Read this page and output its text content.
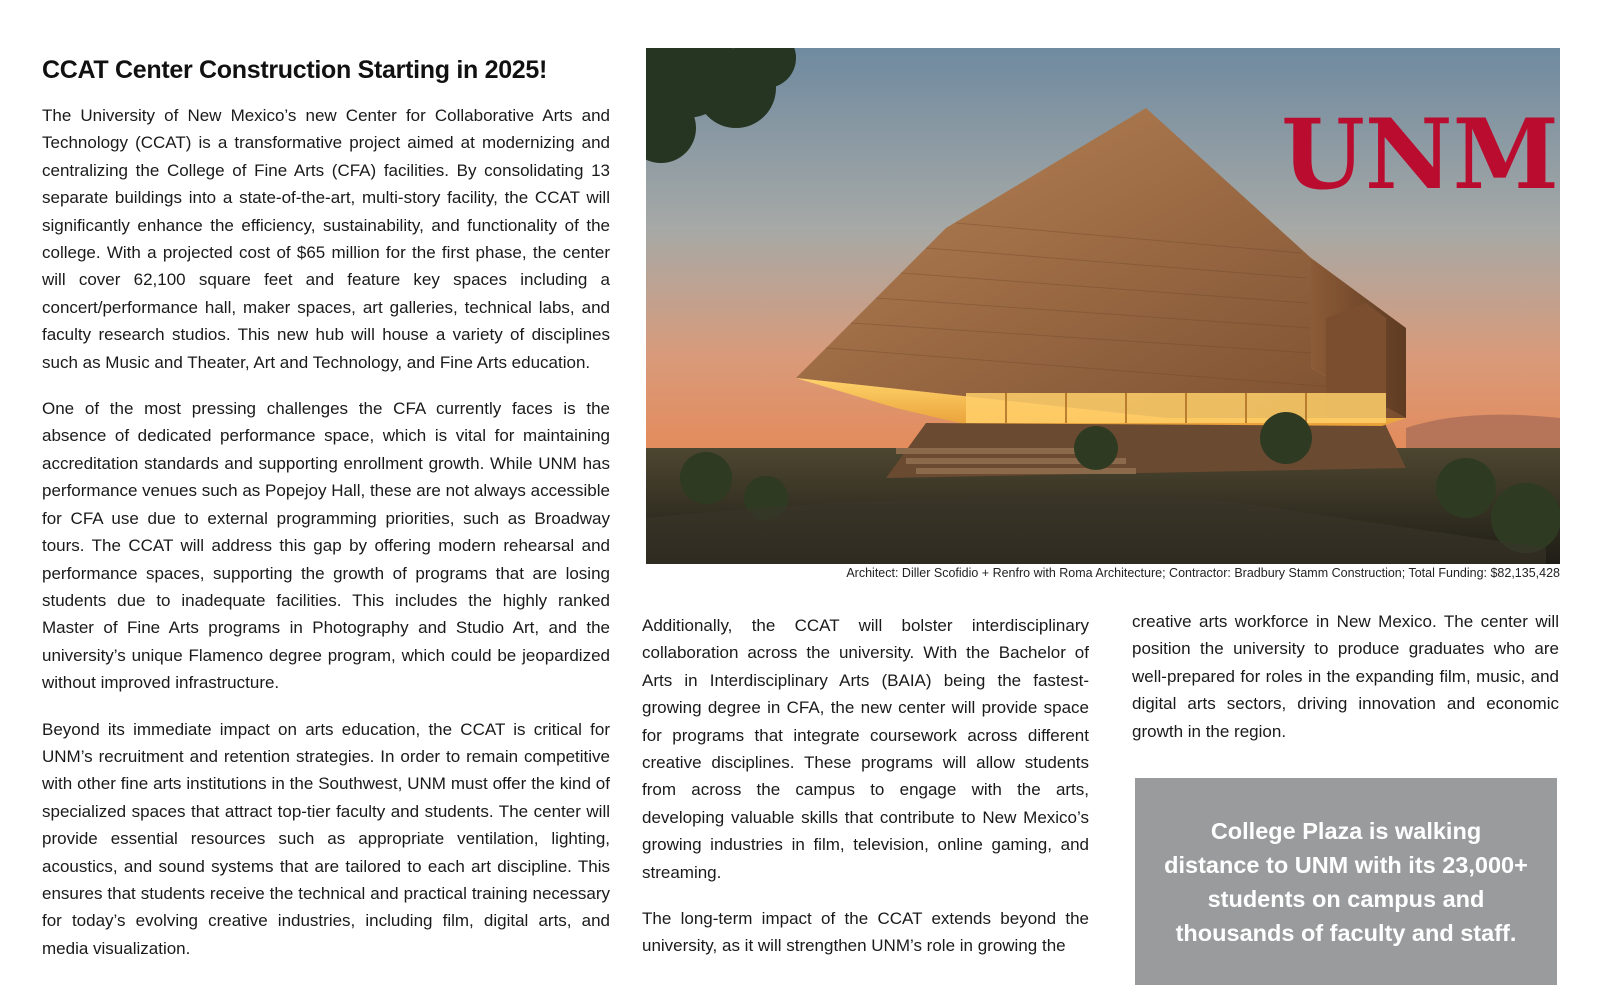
CCAT Center Construction Starting in 2025!

The University of New Mexico’s new Center for Collaborative Arts and Technology (CCAT) is a transformative project aimed at modernizing and centralizing the College of Fine Arts (CFA) facilities. By consolidating 13 separate buildings into a state-of-the-art, multi-story facility, the CCAT will significantly enhance the efficiency, sustainability, and functionality of the college. With a projected cost of $65 million for the first phase, the center will cover 62,100 square feet and feature key spaces including a concert/performance hall, maker spaces, art galleries, technical labs, and faculty research studios. This new hub will house a variety of disciplines such as Music and Theater, Art and Technology, and Fine Arts education.

One of the most pressing challenges the CFA currently faces is the absence of dedicated performance space, which is vital for maintaining accreditation standards and supporting enrollment growth. While UNM has performance venues such as Popejoy Hall, these are not always accessible for CFA use due to external programming priorities, such as Broadway tours. The CCAT will address this gap by offering modern rehearsal and performance spaces, supporting the growth of programs that are losing students due to inadequate facilities. This includes the highly ranked Master of Fine Arts programs in Photography and Studio Art, and the university’s unique Flamenco degree program, which could be jeopardized without improved infrastructure.

Beyond its immediate impact on arts education, the CCAT is critical for UNM’s recruitment and retention strategies. In order to remain competitive with other fine arts institutions in the Southwest, UNM must offer the kind of specialized spaces that attract top-tier faculty and students. The center will provide essential resources such as appropriate ventilation, lighting, acoustics, and sound systems that are tailored to each art discipline. This ensures that students receive the technical and practical training necessary for today’s evolving creative industries, including film, digital arts, and media visualization.

UNM
Architect: Diller Scofidio + Renfro with Roma Architecture; Contractor: Bradbury Stamm Construction; Total Funding: $82,135,428

Additionally, the CCAT will bolster interdisciplinary collaboration across the university. With the Bachelor of Arts in Interdisciplinary Arts (BAIA) being the fastest-growing degree in CFA, the new center will provide space for programs that integrate coursework across different creative disciplines. These programs will allow students from across the campus to engage with the arts, developing valuable skills that contribute to New Mexico’s growing industries in film, television, online gaming, and streaming.

The long-term impact of the CCAT extends beyond the university, as it will strengthen UNM’s role in growing the

creative arts workforce in New Mexico. The center will position the university to produce graduates who are well-prepared for roles in the expanding film, music, and digital arts sectors, driving innovation and economic growth in the region.

College Plaza is walking distance to UNM with its 23,000+ students on campus and thousands of faculty and staff.
